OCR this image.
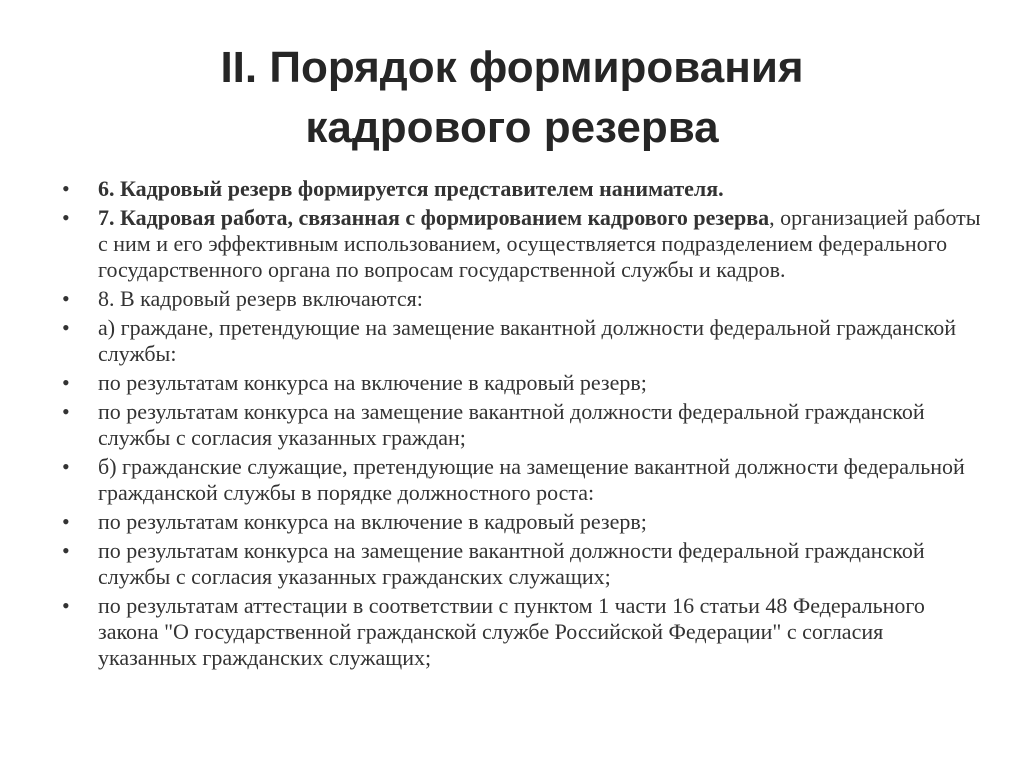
II. Порядок формирования
кадрового резерва
•	6. Кадровый резерв формируется представителем нанимателя.
•	7. Кадровая работа, связанная с формированием кадрового резерва, организацией работы с ним и его эффективным использованием, осуществляется подразделением федерального государственного органа по вопросам государственной службы и кадров.
•	8. В кадровый резерв включаются:
•	а) граждане, претендующие на замещение вакантной должности федеральной гражданской службы:
•	по результатам конкурса на включение в кадровый резерв;
•	по результатам конкурса на замещение вакантной должности федеральной гражданской службы с согласия указанных граждан;
•	б) гражданские служащие, претендующие на замещение вакантной должности федеральной гражданской службы в порядке должностного роста:
•	по результатам конкурса на включение в кадровый резерв;
•	по результатам конкурса на замещение вакантной должности федеральной гражданской службы с согласия указанных гражданских служащих;
•	по результатам аттестации в соответствии с пунктом 1 части 16 статьи 48 Федерального закона "О государственной гражданской службе Российской Федерации" с согласия указанных гражданских служащих;
